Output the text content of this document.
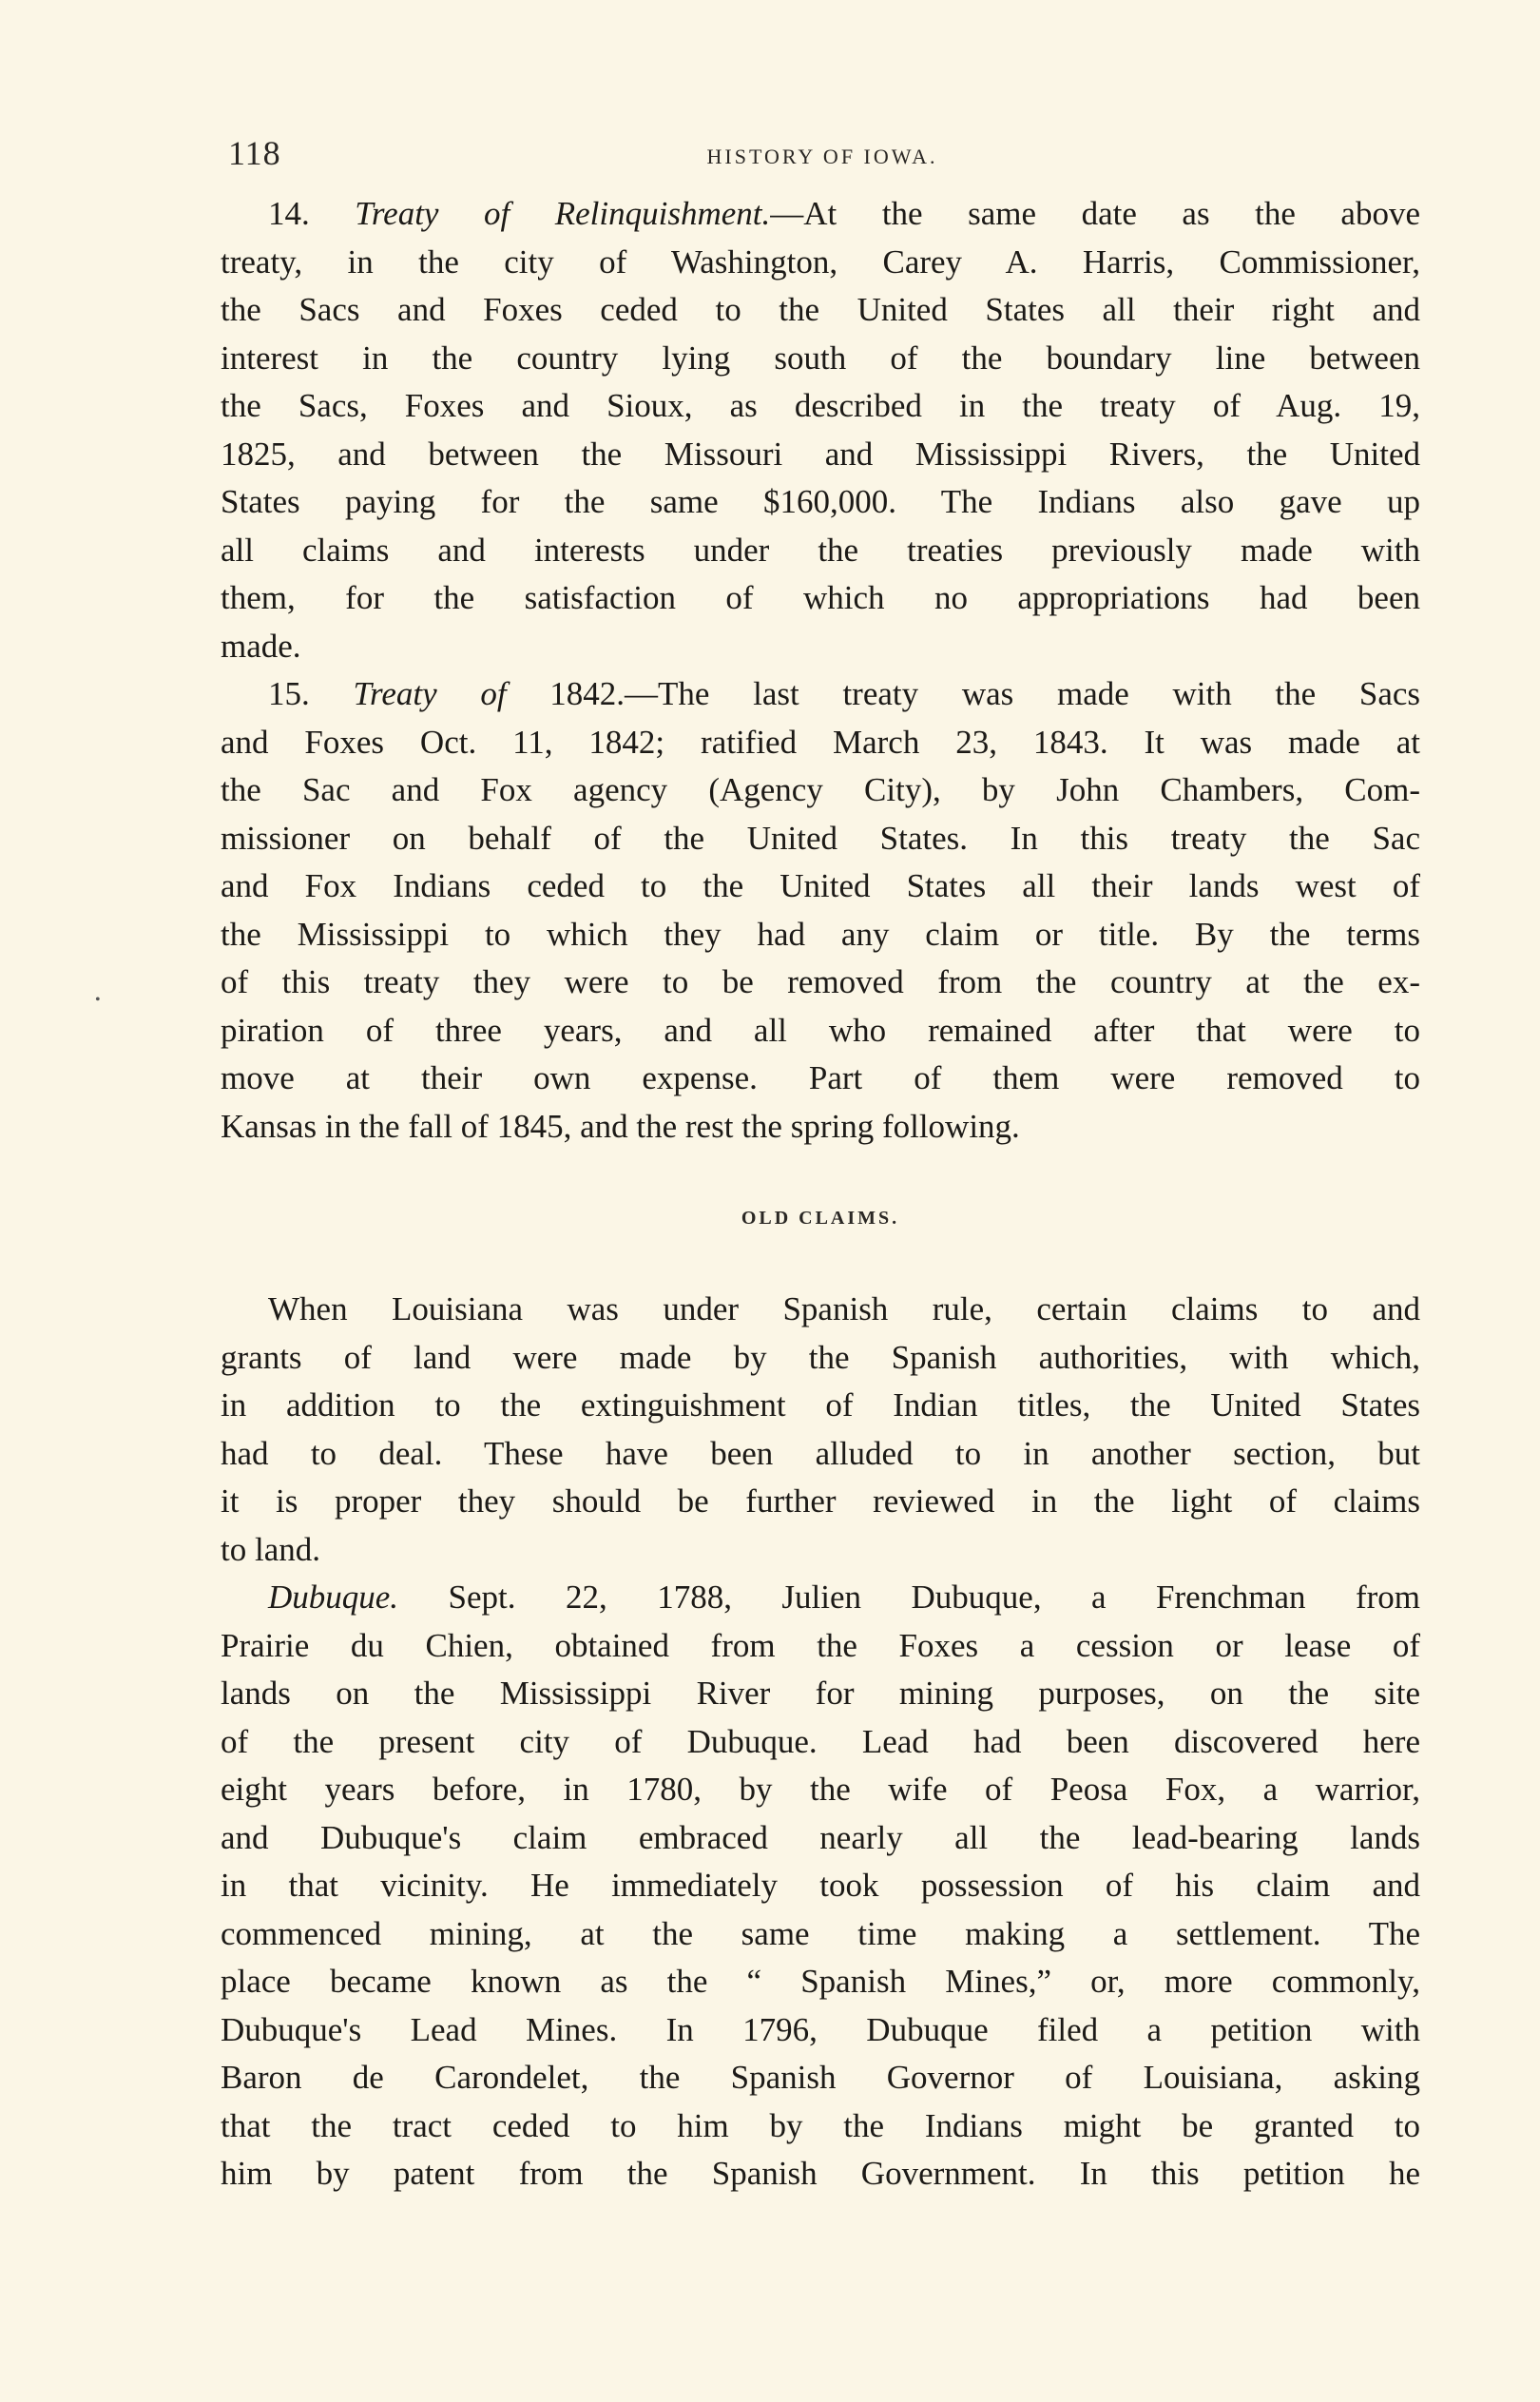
118	HISTORY OF IOWA.
•
14. Treaty of Relinquishment.—At the same date as the above
treaty, in the city of Washington, Carey A. Harris, Commissioner,
the Sacs and Foxes ceded to the United States all their right and
interest in the country lying south of the boundary line between
the Sacs, Foxes and Sioux, as described in the treaty of Aug. 19,
1825, and between the Missouri and Mississippi Rivers, the United
States paying for the same $160,000. The Indians also gave up
all claims and interests under the treaties previously made with
them, for the satisfaction of which no appropriations had been
made.
15. Treaty of 1842.—The last treaty was made with the Sacs
and Foxes Oct. 11, 1842; ratified March 23, 1843. It was made at
the Sac and Fox agency (Agency City), by John Chambers, Com-
missioner on behalf of the United States. In this treaty the Sac
and Fox Indians ceded to the United States all their lands west of
the Mississippi to which they had any claim or title. By the terms
of this treaty they were to be removed from the country at the ex-
piration of three years, and all who remained after that were to
move at their own expense. Part of them were removed to
Kansas in the fall of 1845, and the rest the spring following.
OLD CLAIMS.
When Louisiana was under Spanish rule, certain claims to and
grants of land were made by the Spanish authorities, with which,
in addition to the extinguishment of Indian titles, the United States
had to deal. These have been alluded to in another section, but
it is proper they should be further reviewed in the light of claims
to land.
Dubuque. Sept. 22, 1788, Julien Dubuque, a Frenchman from
Prairie du Chien, obtained from the Foxes a cession or lease of
lands on the Mississippi River for mining purposes, on the site
of the present city of Dubuque. Lead had been discovered here
eight years before, in 1780, by the wife of Peosa Fox, a warrior,
and Dubuque's claim embraced nearly all the lead-bearing lands
in that vicinity. He immediately took possession of his claim and
commenced mining, at the same time making a settlement. The
place became known as the “ Spanish Mines,” or, more commonly,
Dubuque's Lead Mines. In 1796, Dubuque filed a petition with
Baron de Carondelet, the Spanish Governor of Louisiana, asking
that the tract ceded to him by the Indians might be granted to
him by patent from the Spanish Government. In this petition he
